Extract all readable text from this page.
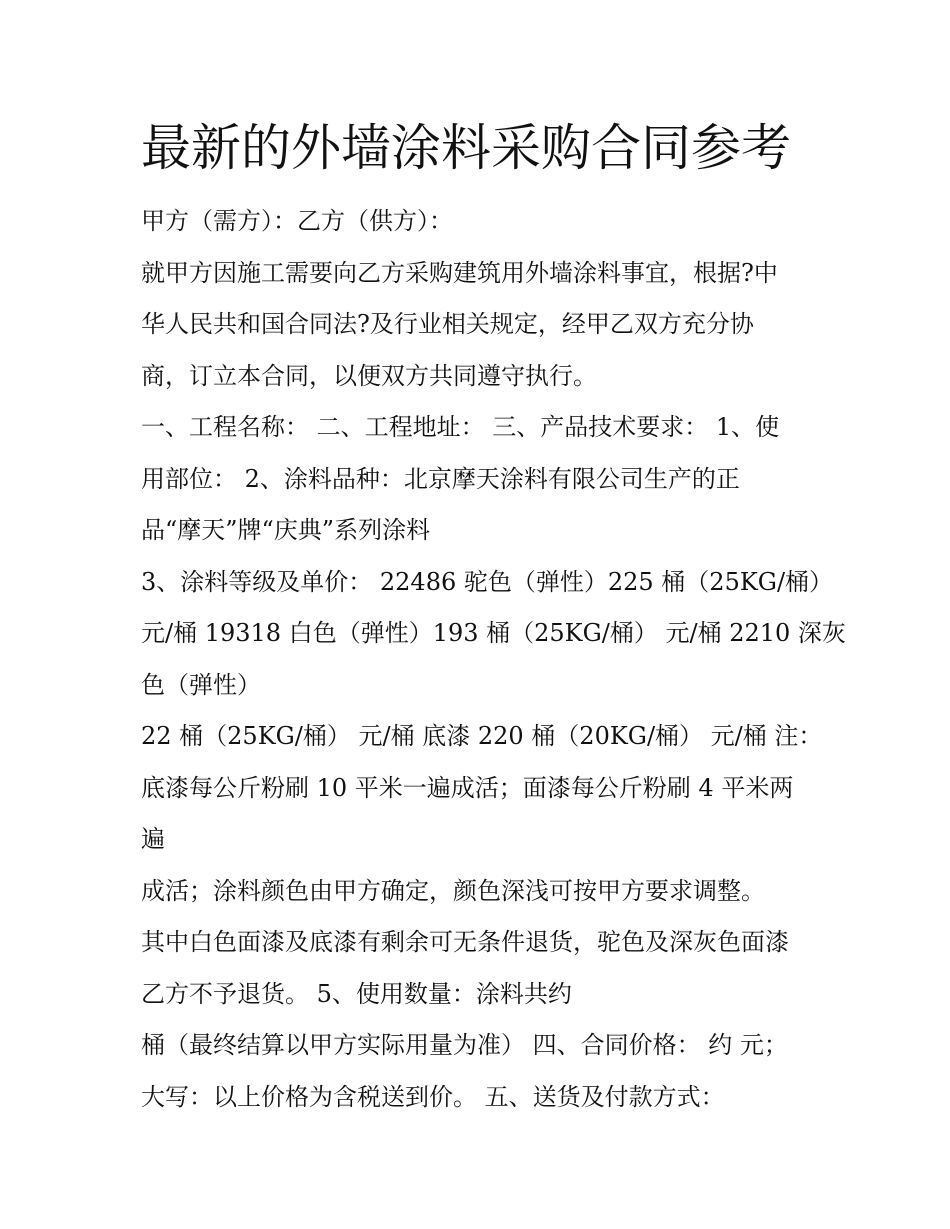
最新的外墙涂料采购合同参考

甲方（需方）：乙方（供方）：

就甲方因施工需要向乙方采购建筑用外墙涂料事宜，根据?中

华人民共和国合同法?及行业相关规定，经甲乙双方充分协

商，订立本合同，以便双方共同遵守执行。

一、工程名称： 二、工程地址： 三、产品技术要求： 1、使

用部位： 2、涂料品种：北京摩天涂料有限公司生产的正

品“摩天”牌“庆典”系列涂料

3、涂料等级及单价： 22486 驼色（弹性）225 桶（25KG/桶）

元/桶 19318 白色（弹性）193 桶（25KG/桶） 元/桶 2210 深灰

色（弹性）

22 桶（25KG/桶） 元/桶 底漆 220 桶（20KG/桶） 元/桶 注：

底漆每公斤粉刷 10 平米一遍成活；面漆每公斤粉刷 4 平米两

遍

成活；涂料颜色由甲方确定，颜色深浅可按甲方要求调整。

其中白色面漆及底漆有剩余可无条件退货，驼色及深灰色面漆

乙方不予退货。 5、使用数量：涂料共约

桶（最终结算以甲方实际用量为准） 四、合同价格： 约 元；

大写：以上价格为含税送到价。 五、送货及付款方式：
